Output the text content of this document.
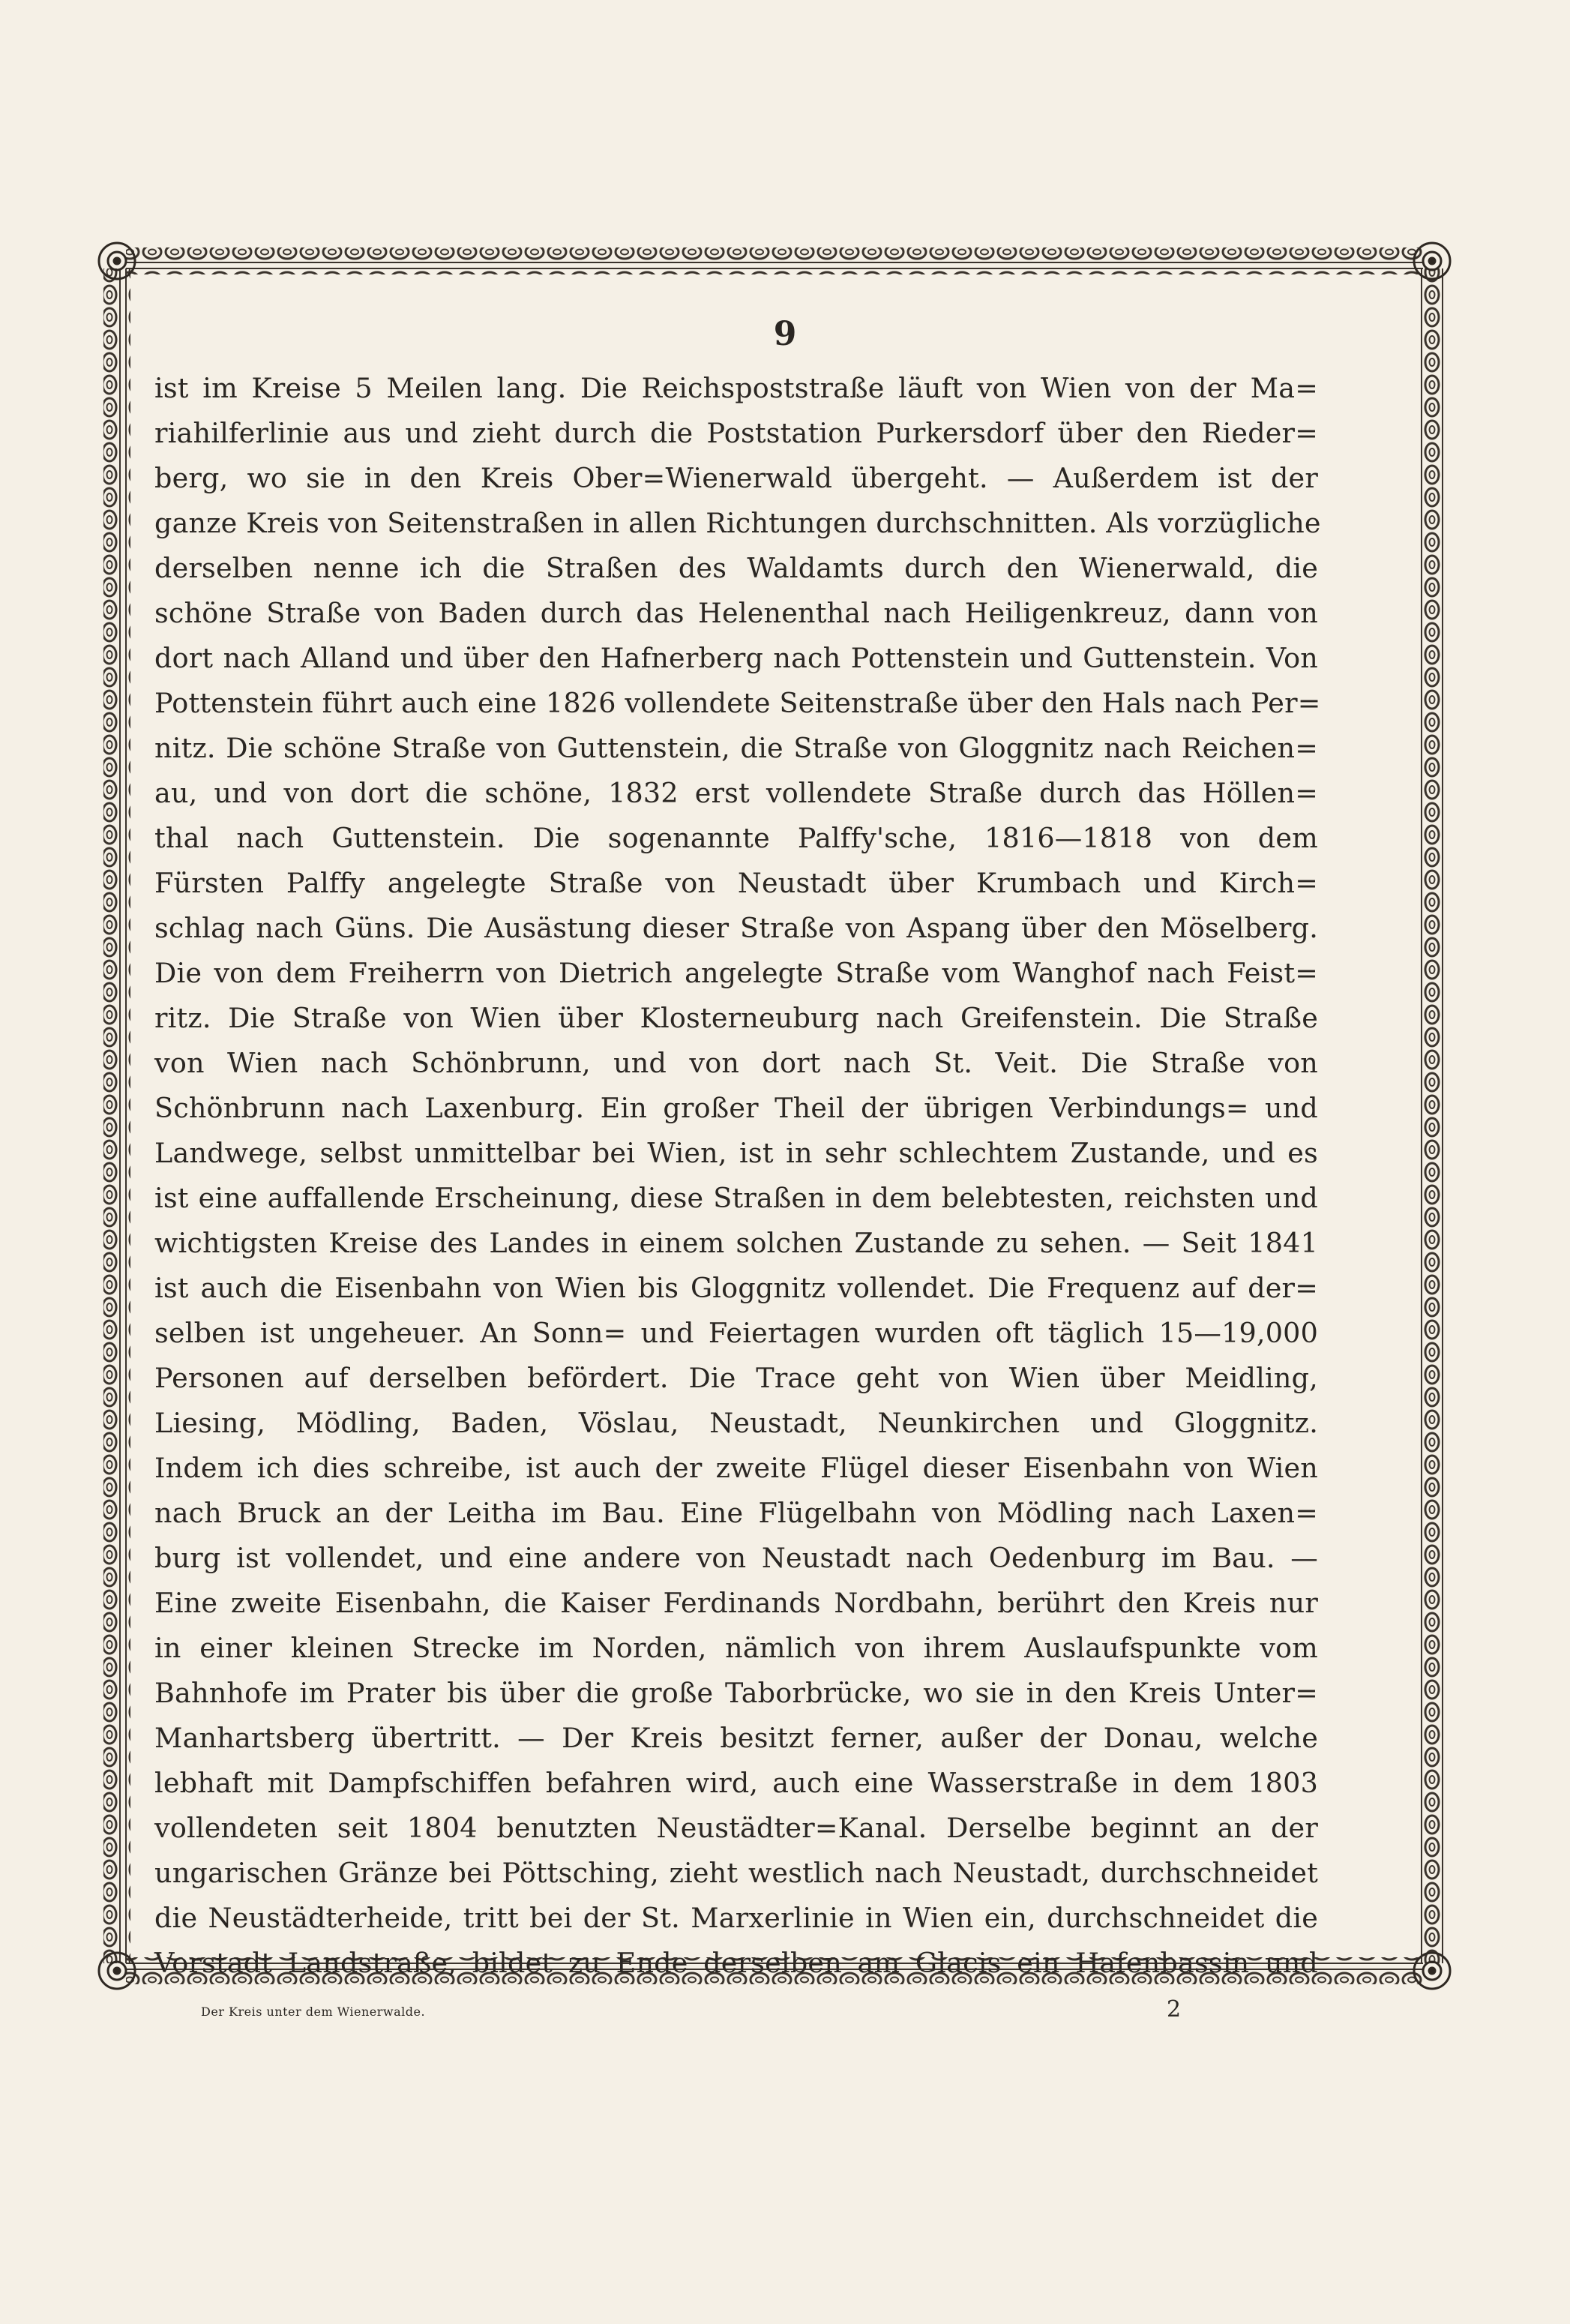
9
ist im Kreise 5 Meilen lang. Die Reichspoststraße läuft von Wien von der Ma=
riahilferlinie aus und zieht durch die Poststation Purkersdorf über den Rieder=
berg, wo sie in den Kreis Ober=Wienerwald übergeht. — Außerdem ist der
ganze Kreis von Seitenstraßen in allen Richtungen durchschnitten. Als vorzügliche
derselben nenne ich die Straßen des Waldamts durch den Wienerwald, die
schöne Straße von Baden durch das Helenenthal nach Heiligenkreuz, dann von
dort nach Alland und über den Hafnerberg nach Pottenstein und Guttenstein. Von
Pottenstein führt auch eine 1826 vollendete Seitenstraße über den Hals nach Per=
nitz. Die schöne Straße von Guttenstein, die Straße von Gloggnitz nach Reichen=
au, und von dort die schöne, 1832 erst vollendete Straße durch das Höllen=
thal nach Guttenstein. Die sogenannte Palffy'sche, 1816—1818 von dem
Fürsten Palffy angelegte Straße von Neustadt über Krumbach und Kirch=
schlag nach Güns. Die Ausästung dieser Straße von Aspang über den Möselberg.
Die von dem Freiherrn von Dietrich angelegte Straße vom Wanghof nach Feist=
ritz. Die Straße von Wien über Klosterneuburg nach Greifenstein. Die Straße
von Wien nach Schönbrunn, und von dort nach St. Veit. Die Straße von
Schönbrunn nach Laxenburg. Ein großer Theil der übrigen Verbindungs= und
Landwege, selbst unmittelbar bei Wien, ist in sehr schlechtem Zustande, und es
ist eine auffallende Erscheinung, diese Straßen in dem belebtesten, reichsten und
wichtigsten Kreise des Landes in einem solchen Zustande zu sehen. — Seit 1841
ist auch die Eisenbahn von Wien bis Gloggnitz vollendet. Die Frequenz auf der=
selben ist ungeheuer. An Sonn= und Feiertagen wurden oft täglich 15—19,000
Personen auf derselben befördert. Die Trace geht von Wien über Meidling,
Liesing, Mödling, Baden, Vöslau, Neustadt, Neunkirchen und Gloggnitz.
Indem ich dies schreibe, ist auch der zweite Flügel dieser Eisenbahn von Wien
nach Bruck an der Leitha im Bau. Eine Flügelbahn von Mödling nach Laxen=
burg ist vollendet, und eine andere von Neustadt nach Oedenburg im Bau. —
Eine zweite Eisenbahn, die Kaiser Ferdinands Nordbahn, berührt den Kreis nur
in einer kleinen Strecke im Norden, nämlich von ihrem Auslaufspunkte vom
Bahnhofe im Prater bis über die große Taborbrücke, wo sie in den Kreis Unter=
Manhartsberg übertritt. — Der Kreis besitzt ferner, außer der Donau, welche
lebhaft mit Dampfschiffen befahren wird, auch eine Wasserstraße in dem 1803
vollendeten seit 1804 benutzten Neustädter=Kanal. Derselbe beginnt an der
ungarischen Gränze bei Pöttsching, zieht westlich nach Neustadt, durchschneidet
die Neustädterheide, tritt bei der St. Marxerlinie in Wien ein, durchschneidet die
Vorstadt Landstraße, bildet zu Ende derselben am Glacis ein Hafenbassin und
Der Kreis unter dem Wienerwalde.	2
